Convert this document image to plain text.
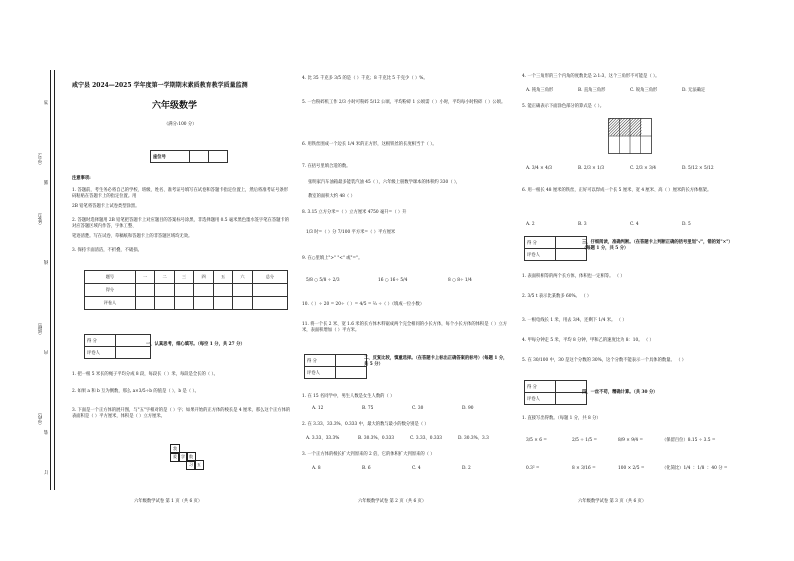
（学号）
（姓名）
（班级）
（学校）
答
题
线
内
装
订
咸宁县 2024—2025 学年度第一学期期末素质教育教学质量监测
六年级数学
（满分:100 分）
座位号		
注意事项:
1. 答题前，考生务必将自己的学校、班级、姓名、准考证号填写在试卷和答题卡指定位置上，然后将准考证号条形码粘贴在答题卡上的指定位置。用
2B 铅笔将答题卡上试卷类型涂黑。
2. 答题时选择题用 2B 铅笔把答题卡上对应题目的答案标号涂黑，非选择题用 0.5 毫米黑色墨水签字笔在答题卡的对应答题区域内作答，字体工整、
笔迹清楚。写在试卷、草稿纸和答题卡上的非答题区域均无效。
3. 保持卡面清洁，不折叠，不破损。
题号	一	二	三	四	五	六	总分
得分							
评卷人							
得 分	
评卷人	
一、认真思考，细心填写。（每空 1 分，共 27 分）
1. 把一根 5 米长的绳子平均分成 8 段，每段长（ ）米，每段是全长的（ ）。
2. 如果 a 和 b 互为倒数，那么 a×3/5÷b 的值是（ ），b 是（ ）。
3. 下面是一个正方体的展开图，与"五"字相对的是（ ）字；如果开始的正方体的棱长是 4 厘米，那么这个正方体的表面积是（ ）平方厘米，体积是（ ）立方厘米。
我
爱	学	数
习	五
六年级数学试卷 第 1 页（共 6 页）
4. 比 35 千克多 3/5 的是（ ）千克；8 千克比 5 千克少（ ）%。
5. 一台粉碎机工作 2/3 小时可粉碎 5/12 公顷。平均粉碎 1 公顷需（ ）小时，平均每小时粉碎（ ）公顷。
6. 用铁丝围成一个边长 1/4 米的正方形，这根铁丝的长度相当于（ ）。
7. 在括号里填合适的数。
张明家汽车油箱最多能装汽油 45（ ），六年级上册数学课本的体积约 330（ ），
教室的面积大约 48（ ）
8. 3.15 立方分米=（ ）立方厘米 4750 毫升=（ ）升
1/3 时=（ ）分 7/100 平方米=（ ）平方厘米
9. 在○里填上">" "<" 或"="。
5/8 ○ 5/8 ÷ 2/3	16 ○ 16÷ 5/4	8 ○ 8÷ 1/4
10.（ ）÷ 20 = 20÷（ ）= 4/5 = ⅔ ÷（ ）（填成一位小数）
11. 将一个长 2 米、宽 1.6 米的长方体木料锯成两个完全相同的小长方体，每个小长方体的体积是（ ）立方米，表面积增加（ ）平方米。
得 分	
评卷人	
二、反复比较，慎重选择。（在答题卡上标出正确答案的标号）（每题 1 分，共 5 分）
1. 在 15 名同学中，男生人数是女生人数的（ ）
A. 12	B. 75	C. 30	D. 90
2. 在 3.33、33.3%、0.333 中，最大的数与最小的数分别是（ ）
A. 3.33、33.3%	B. 30.3%、0.333	C. 3.33、0.333	D. 30.3%、3.3
3. 一个正方体的棱长扩大到原来的 2 倍，它的体积扩大到原来的（ ）
A. 8	B. 6	C. 4	D. 2
六年级数学试卷 第 2 页（共 6 页）
4. 一个三角形的三个内角的度数比是 2:1:3，这个三角形不可能是（ ）。
A. 钝角三角形	B. 直角三角形	C. 锐角三角形	D. 无法确定
5. 能正确表示下面涂色部分的算式是（ ）。
A. 3/4 × 4/3	B. 2/3 × 1/3	C. 2/3 × 3/4	D. 5/12 × 5/12
6. 用一根长 48 厘米的铁丝，正好可以焊成一个长 5 厘米、宽 4 厘米、高（ ）厘米的长方体框架。
A. 2	B. 3	C. 4	D. 5
得 分	
评卷人	
三、仔细阅读，准确判断。（在答题卡上判断正确的括号里划"√"，错的划"×"）（每题 1 分，共 5 分）
1. 表面积相等的两个长方体，体积也一定相等。 （ ）
2. 3/5 t 表示比某数多 60%。 （ ）
3. 一根电线长 1 米，用去 3/4，还剩下 1/4 米。 （ ）
4. 甲每分钟走 5 米，平均 8 分钟，甲和乙的速度比为 8：10。 （ ）
5. 在 30/100 中，30 是这个分数的 30%，这个分数不能表示一个具体的数量。 （ ）
得 分	
评卷人	
四、一丝不苟，精确计算。（共 30 分）
1. 直接写出得数。（每题 1 分，共 8 分）
3/5 × 6 =	2/5 ÷ 1/5 =	8/9 × 9/4 =	（保留百位）8.15 ÷ 3.5 =
0.3² =	8 × 3/16 =	100 × 2/5 =	（化简比）1/4 ∶ 1/8 ∶ 40 分 =
六年级数学试卷 第 3 页（共 6 页）
